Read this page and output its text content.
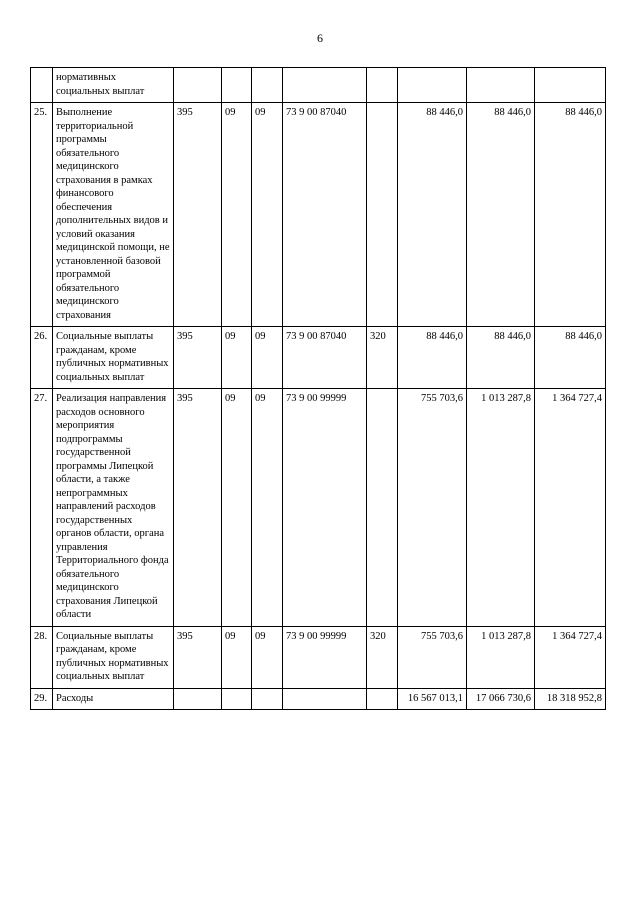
6
	нормативных социальных выплат								
25.	Выполнение территориальной программы обязательного медицинского страхования в рамках финансового обеспечения дополнительных видов и условий оказания медицинской помощи, не установленной базовой программой обязательного медицинского страхования	395	09	09	73 9 00 87040		88 446,0	88 446,0	88 446,0
26.	Социальные выплаты гражданам, кроме публичных нормативных социальных выплат	395	09	09	73 9 00 87040	320	88 446,0	88 446,0	88 446,0
27.	Реализация направления расходов основного мероприятия подпрограммы государственной программы Липецкой области, а также непрограммных направлений расходов государственных органов области, органа управления Территориального фонда обязательного медицинского страхования Липецкой области	395	09	09	73 9 00 99999		755 703,6	1 013 287,8	1 364 727,4
28.	Социальные выплаты гражданам, кроме публичных нормативных социальных выплат	395	09	09	73 9 00 99999	320	755 703,6	1 013 287,8	1 364 727,4
29.	Расходы						16 567 013,1	17 066 730,6	18 318 952,8
